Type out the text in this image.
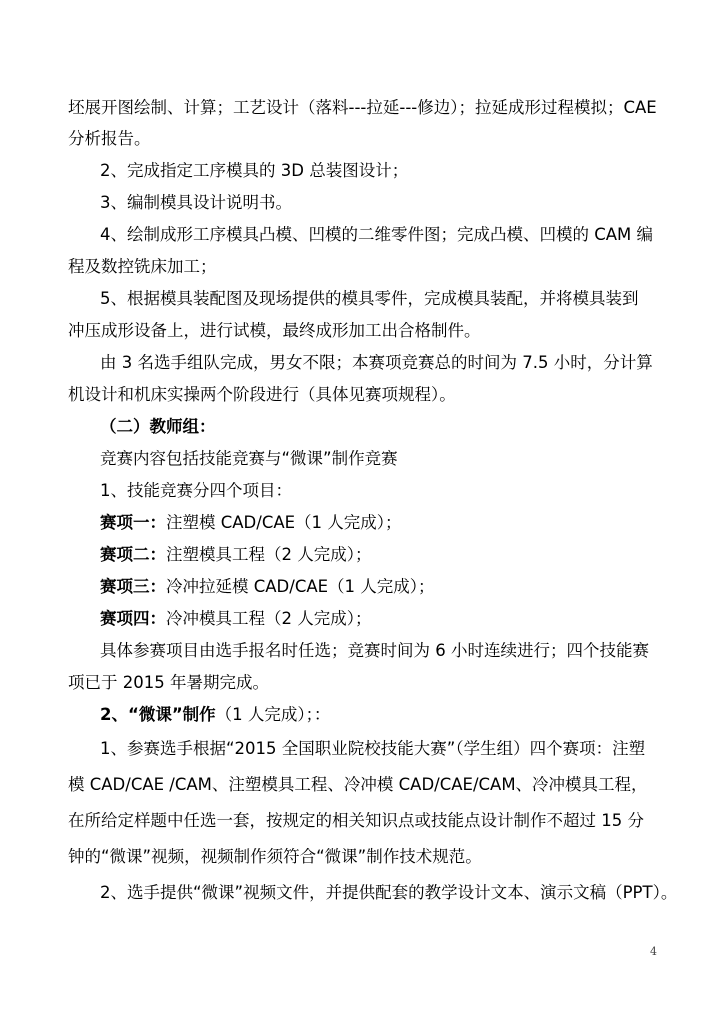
坯展开图绘制、计算；工艺设计（落料---拉延---修边）；拉延成形过程模拟；CAE
分析报告。
2、完成指定工序模具的 3D 总装图设计；
3、编制模具设计说明书。
4、绘制成形工序模具凸模、凹模的二维零件图；完成凸模、凹模的 CAM 编
程及数控铣床加工；
5、根据模具装配图及现场提供的模具零件，完成模具装配，并将模具装到
冲压成形设备上，进行试模，最终成形加工出合格制件。
由 3 名选手组队完成，男女不限；本赛项竞赛总的时间为 7.5 小时，分计算
机设计和机床实操两个阶段进行（具体见赛项规程）。
（二）教师组：
竞赛内容包括技能竞赛与“微课”制作竞赛
1、技能竞赛分四个项目：
赛项一：注塑模 CAD/CAE（1 人完成）；
赛项二：注塑模具工程（2 人完成）；
赛项三：冷冲拉延模 CAD/CAE（1 人完成）；
赛项四：冷冲模具工程（2 人完成）；
具体参赛项目由选手报名时任选；竞赛时间为 6 小时连续进行；四个技能赛
项已于 2015 年暑期完成。
2、“微课”制作（1 人完成）；：
1、参赛选手根据“2015 全国职业院校技能大赛”（学生组）四个赛项：注塑
模 CAD/CAE /CAM、注塑模具工程、冷冲模 CAD/CAE/CAM、冷冲模具工程，
在所给定样题中任选一套，按规定的相关知识点或技能点设计制作不超过 15 分
钟的“微课”视频，视频制作须符合“微课”制作技术规范。
2、选手提供“微课”视频文件，并提供配套的教学设计文本、演示文稿（PPT）。
4
